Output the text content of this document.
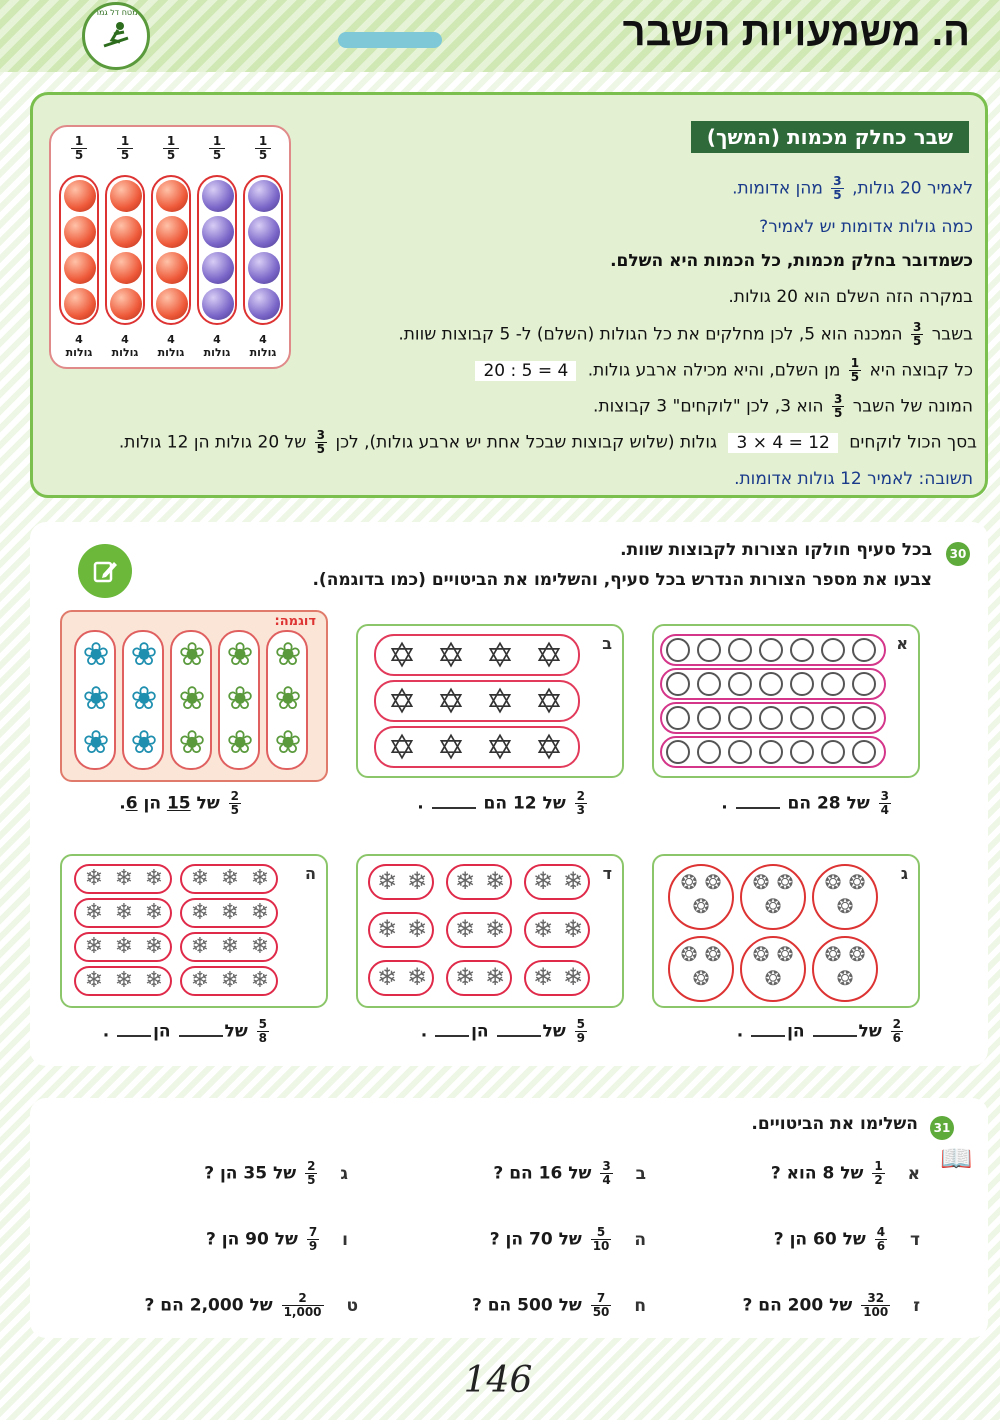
מטח דל גמר	ה. משמעויות השבר
שבר כחלק מכמות (המשך)
לאמיר 20 גולות,
$\frac{3}{5}$
מהן אדומות.
כמה גולות אדומות יש לאמיר?
כשמדובר בחלק מכמות, כל הכמות היא השלם.
במקרה הזה השלם הוא 20 גולות.
בשבר
$\frac{3}{5}$
המכנה הוא 5, לכן מחלקים את כל הגולות (השלם) ל- 5 קבוצות שוות.
כל קבוצה היא
$\frac{1}{5}$
מן השלם, והיא מכילה ארבע גולות. 20 : 5 = 4
המונה של השבר
$\frac{3}{5}$
הוא 3, לכן "לוקחים" 3 קבוצות.
בסך הכול לוקחים 3 × 4 = 12 גולות (שלוש קבוצות שבכל אחת יש ארבע גולות), לכן
$\frac{3}{5}$
של 20 גולות הן 12 גולות.
תשובה: לאמיר 12 גולות אדומות.
1
5
4
גולות
1
5
4
גולות
1
5
4
גולות
1
5
4
גולות
1
5
4
גולות
30
בכל סעיף חולקו הצורות לקבוצות שוות.
צבעו את מספר הצורות הנדרש בכל סעיף, והשלימו את הביטויים (כמו בדוגמה).
א
$\frac{3}{4}$
של 28 הם  .
ב
✡ ✡ ✡ ✡
✡ ✡ ✡ ✡
✡ ✡ ✡ ✡
$\frac{2}{3}$
של 12 הם  .
דוגמה:
❀
❀
❀
❀
❀
❀
❀
❀
❀
❀
❀
❀
❀
❀
❀
$\frac{2}{5}$
של 15 הן 6.
ג
❂ ❂
❂
❂ ❂
❂
❂ ❂
❂
❂ ❂
❂
❂ ❂
❂
❂ ❂
❂
$\frac{2}{6}$
של הן .
ד
❄ ❄ ❄ ❄ ❄ ❄
❄ ❄ ❄ ❄ ❄ ❄
❄ ❄ ❄ ❄ ❄ ❄
$\frac{5}{9}$
של הן .
ה
❄ ❄ ❄ ❄ ❄ ❄
❄ ❄ ❄ ❄ ❄ ❄
❄ ❄ ❄ ❄ ❄ ❄
❄ ❄ ❄ ❄ ❄ ❄
$\frac{5}{8}$
של הן .
31
השלימו את הביטויים.
א
$\frac{1}{2}$
של 8 הוא ?
ב
$\frac{3}{4}$
של 16 הם ?
ג
$\frac{2}{5}$
של 35 הן ?
ד
$\frac{4}{6}$
של 60 הן ?
ה
$\frac{5}{10}$
של 70 הן ?
ו
$\frac{7}{9}$
של 90 הן ?
ז
$\frac{32}{100}$
של 200 הם ?
ח
$\frac{7}{50}$
של 500 הם ?
ט
$\frac{2}{1,000}$
של 2,000 הם ?
📖
146
